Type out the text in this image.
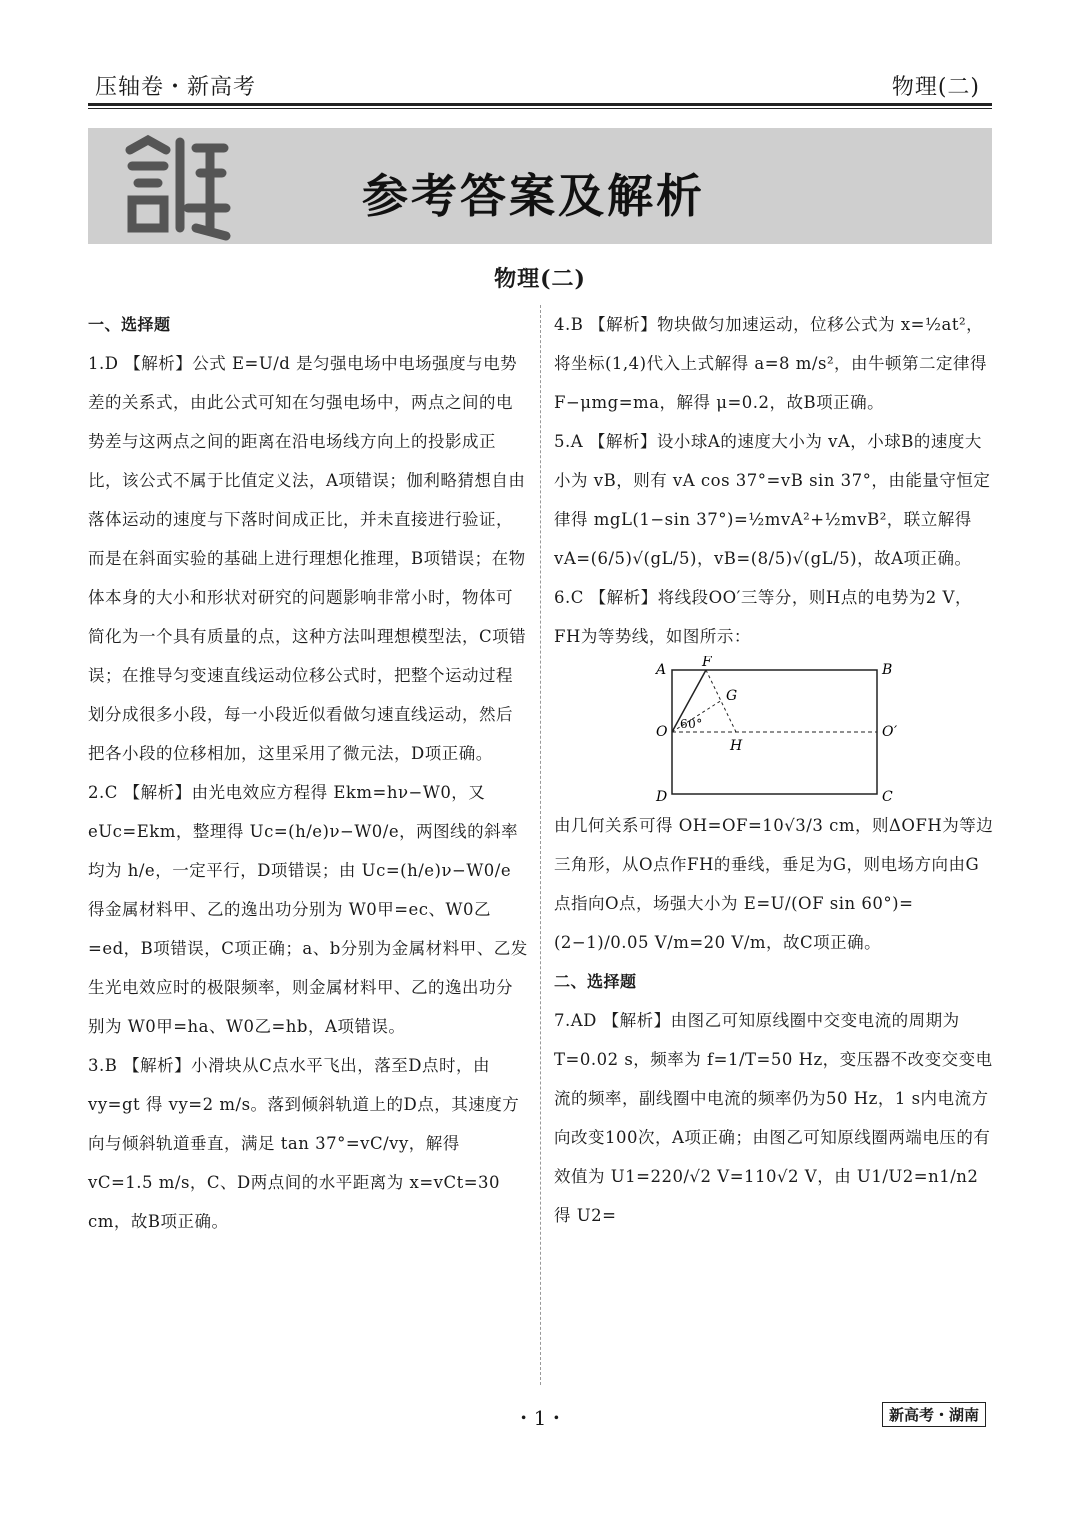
压轴卷・新高考	物理(二)
参考答案及解析
物理(二)
一、选择题

1.D 【解析】公式 E=U/d 是匀强电场中电场强度与电势差的关系式，由此公式可知在匀强电场中，两点之间的电势差与这两点之间的距离在沿电场线方向上的投影成正比，该公式不属于比值定义法，A项错误；伽利略猜想自由落体运动的速度与下落时间成正比，并未直接进行验证，而是在斜面实验的基础上进行理想化推理，B项错误；在物体本身的大小和形状对研究的问题影响非常小时，物体可简化为一个具有质量的点，这种方法叫理想模型法，C项错误；在推导匀变速直线运动位移公式时，把整个运动过程划分成很多小段，每一小段近似看做匀速直线运动，然后把各小段的位移相加，这里采用了微元法，D项正确。

2.C 【解析】由光电效应方程得 Ekm=hν−W0，又 eUc=Ekm，整理得 Uc=(h/e)ν−W0/e，两图线的斜率均为 h/e，一定平行，D项错误；由 Uc=(h/e)ν−W0/e 得金属材料甲、乙的逸出功分别为 W0甲=ec、W0乙=ed，B项错误，C项正确；a、b分别为金属材料甲、乙发生光电效应时的极限频率，则金属材料甲、乙的逸出功分别为 W0甲=ha、W0乙=hb，A项错误。

3.B 【解析】小滑块从C点水平飞出，落至D点时，由 vy=gt 得 vy=2 m/s。落到倾斜轨道上的D点，其速度方向与倾斜轨道垂直，满足 tan 37°=vC/vy，解得 vC=1.5 m/s，C、D两点间的水平距离为 x=vCt=30 cm，故B项正确。

4.B 【解析】物块做匀加速运动，位移公式为 x=½at²，将坐标(1,4)代入上式解得 a=8 m/s²，由牛顿第二定律得 F−μmg=ma，解得 μ=0.2，故B项正确。

5.A 【解析】设小球A的速度大小为 vA，小球B的速度大小为 vB，则有 vA cos 37°=vB sin 37°，由能量守恒定律得 mgL(1−sin 37°)=½mvA²+½mvB²，联立解得 vA=(6/5)√(gL/5)，vB=(8/5)√(gL/5)，故A项正确。

6.C 【解析】将线段OO′三等分，则H点的电势为2 V，FH为等势线，如图所示：

A	B
C
D
F
G
H
O	O′
60°

由几何关系可得 OH=OF=10√3/3 cm，则ΔOFH为等边三角形，从O点作FH的垂线，垂足为G，则电场方向由G点指向O点，场强大小为 E=U/(OF sin 60°)=(2−1)/0.05 V/m=20 V/m，故C项正确。

二、选择题

7.AD 【解析】由图乙可知原线圈中交变电流的周期为 T=0.02 s，频率为 f=1/T=50 Hz，变压器不改变交变电流的频率，副线圈中电流的频率仍为50 Hz，1 s内电流方向改变100次，A项正确；由图乙可知原线圈两端电压的有效值为 U1=220/√2 V=110√2 V，由 U1/U2=n1/n2 得 U2=

・1・	新高考・湖南
